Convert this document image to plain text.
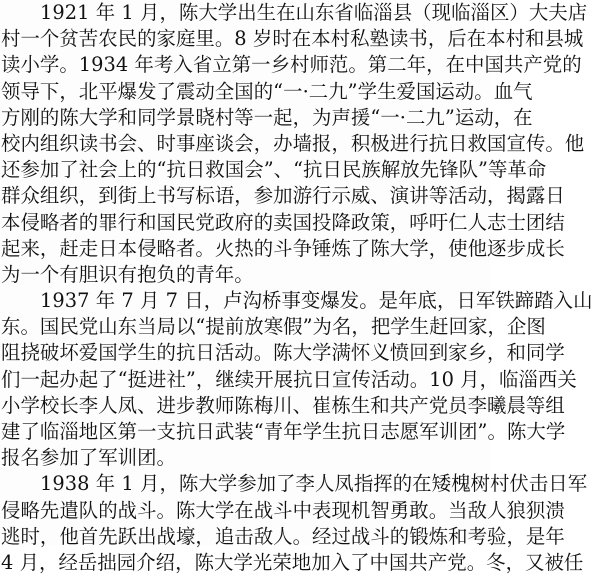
1921 年 1 月，陈大学出生在山东省临淄县（现临淄区）大夫店
村一个贫苦农民的家庭里。8 岁时在本村私塾读书，后在本村和县城
读小学。1934 年考入省立第一乡村师范。第二年，在中国共产党的
领导下，北平爆发了震动全国的“一·二九”学生爱国运动。血气
方刚的陈大学和同学景晓村等一起，为声援“一·二九”运动，在
校内组织读书会、时事座谈会，办墙报，积极进行抗日救国宣传。他
还参加了社会上的“抗日救国会”、“抗日民族解放先锋队”等革命
群众组织，到街上书写标语，参加游行示威、演讲等活动，揭露日
本侵略者的罪行和国民党政府的卖国投降政策，呼吁仁人志士团结
起来，赶走日本侵略者。火热的斗争锤炼了陈大学，使他逐步成长
为一个有胆识有抱负的青年。
1937 年 7 月 7 日，卢沟桥事变爆发。是年底，日军铁蹄踏入山
东。国民党山东当局以“提前放寒假”为名，把学生赶回家，企图
阻挠破坏爱国学生的抗日活动。陈大学满怀义愤回到家乡，和同学
们一起办起了“挺进社”，继续开展抗日宣传活动。10 月，临淄西关
小学校长李人凤、进步教师陈梅川、崔栋生和共产党员李曦晨等组
建了临淄地区第一支抗日武装“青年学生抗日志愿军训团”。陈大学
报名参加了军训团。
1938 年 1 月，陈大学参加了李人凤指挥的在矮槐树村伏击日军
侵略先遣队的战斗。陈大学在战斗中表现机智勇敢。当敌人狼狈溃
逃时，他首先跃出战壕，追击敌人。经过战斗的锻炼和考验，是年
4 月，经岳拙园介绍，陈大学光荣地加入了中国共产党。冬，又被任
